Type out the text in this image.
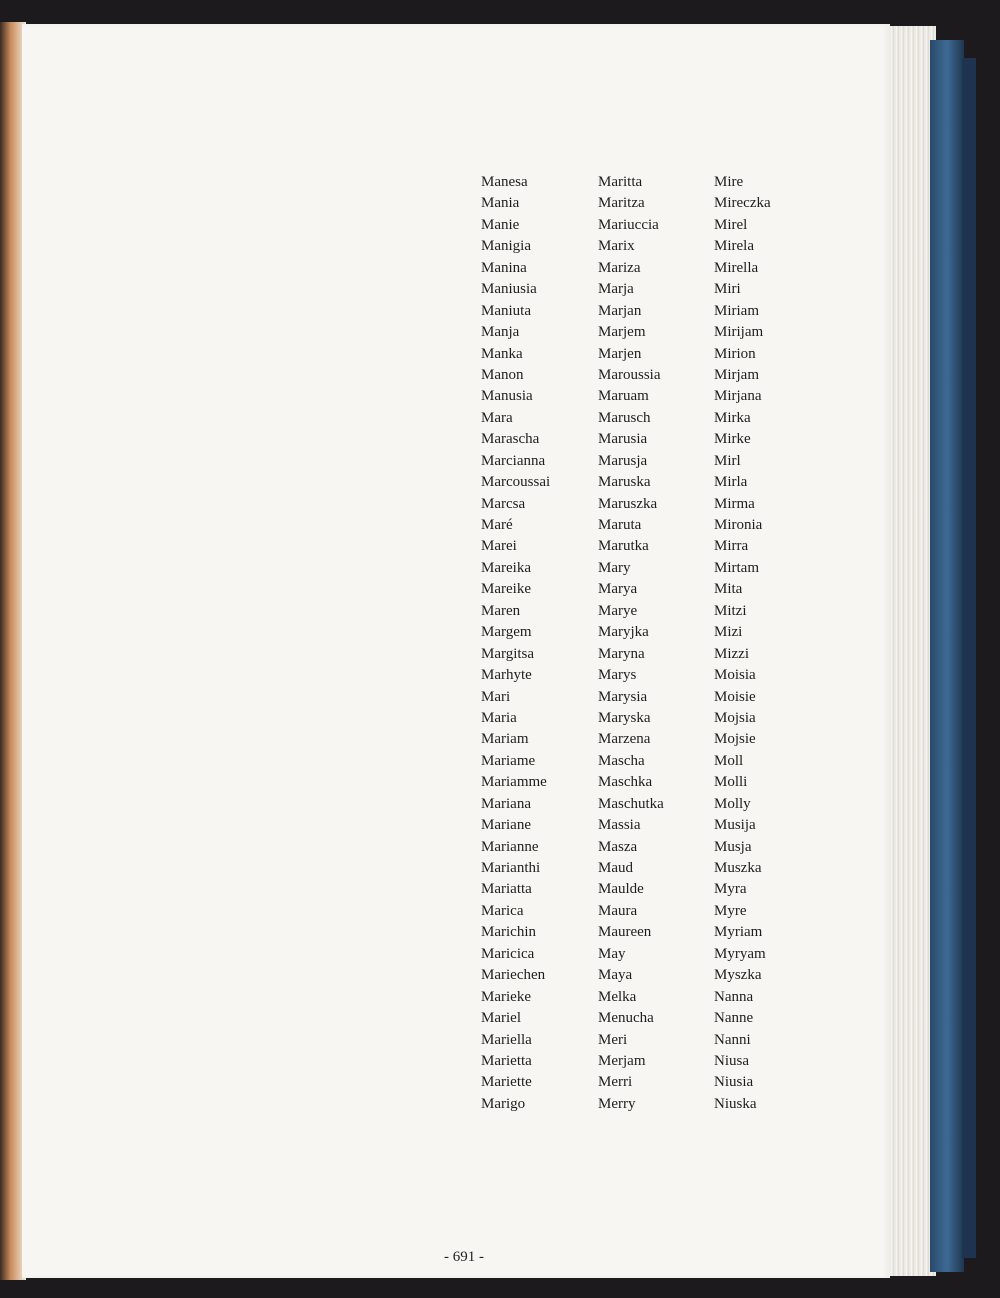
Manesa
Mania
Manie
Manigia
Manina
Maniusia
Maniuta
Manja
Manka
Manon
Manusia
Mara
Marascha
Marcianna
Marcoussai
Marcsa
Maré
Marei
Mareika
Mareike
Maren
Margem
Margitsa
Marhyte
Mari
Maria
Mariam
Mariame
Mariamme
Mariana
Mariane
Marianne
Marianthi
Mariatta
Marica
Marichin
Maricica
Mariechen
Marieke
Mariel
Mariella
Marietta
Mariette
Marigo
Maritta
Maritza
Mariuccia
Marix
Mariza
Marja
Marjan
Marjem
Marjen
Maroussia
Maruam
Marusch
Marusia
Marusja
Maruska
Maruszka
Maruta
Marutka
Mary
Marya
Marye
Maryjka
Maryna
Marys
Marysia
Maryska
Marzena
Mascha
Maschka
Maschutka
Massia
Masza
Maud
Maulde
Maura
Maureen
May
Maya
Melka
Menucha
Meri
Merjam
Merri
Merry
Mire
Mireczka
Mirel
Mirela
Mirella
Miri
Miriam
Mirijam
Mirion
Mirjam
Mirjana
Mirka
Mirke
Mirl
Mirla
Mirma
Mironia
Mirra
Mirtam
Mita
Mitzi
Mizi
Mizzi
Moisia
Moisie
Mojsia
Mojsie
Moll
Molli
Molly
Musija
Musja
Muszka
Myra
Myre
Myriam
Myryam
Myszka
Nanna
Nanne
Nanni
Niusa
Niusia
Niuska
- 691 -
